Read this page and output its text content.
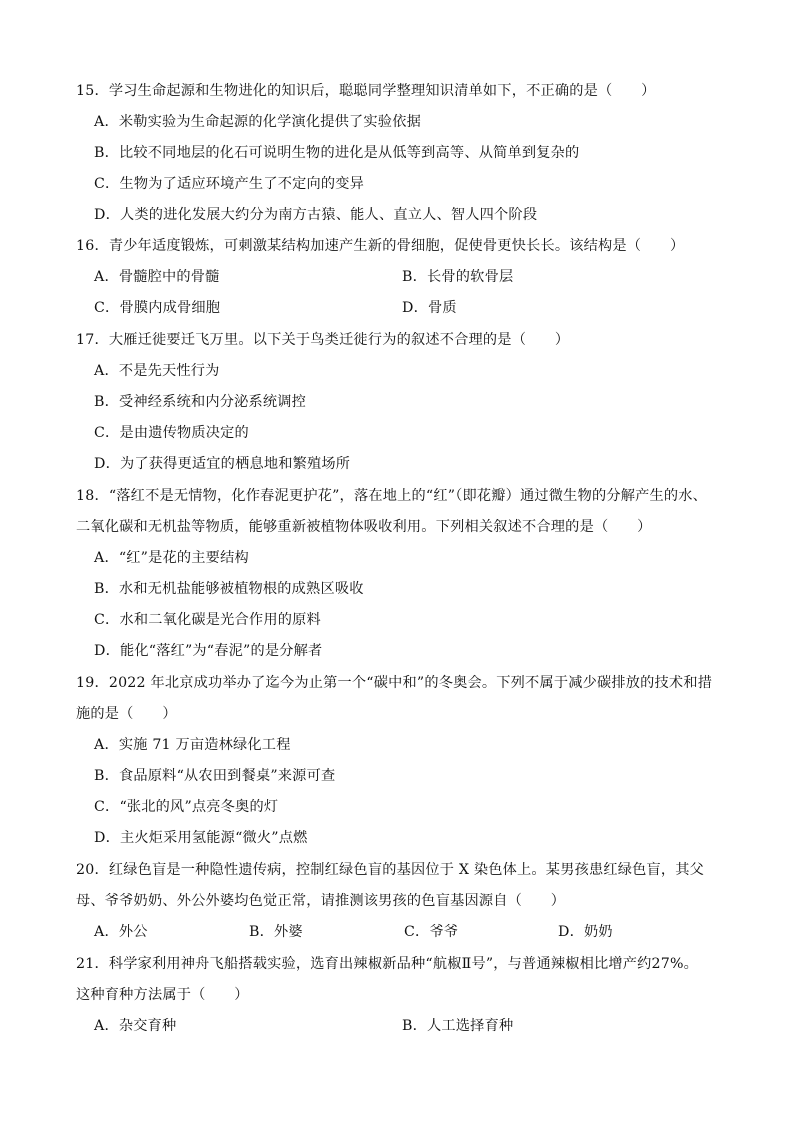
15．学习生命起源和生物进化的知识后，聪聪同学整理知识清单如下，不正确的是（　　）
A．米勒实验为生命起源的化学演化提供了实验依据
B．比较不同地层的化石可说明生物的进化是从低等到高等、从简单到复杂的
C．生物为了适应环境产生了不定向的变异
D．人类的进化发展大约分为南方古猿、能人、直立人、智人四个阶段
16．青少年适度锻炼，可刺激某结构加速产生新的骨细胞，促使骨更快长长。该结构是（　　）
A．骨髓腔中的骨髓	B．长骨的软骨层
C．骨膜内成骨细胞	D．骨质
17．大雁迁徙要迁飞万里。以下关于鸟类迁徙行为的叙述不合理的是（　　）
A．不是先天性行为
B．受神经系统和内分泌系统调控
C．是由遗传物质决定的
D．为了获得更适宜的栖息地和繁殖场所
18．“落红不是无情物，化作春泥更护花”，落在地上的“红”（即花瓣）通过微生物的分解产生的水、
二氧化碳和无机盐等物质，能够重新被植物体吸收利用。下列相关叙述不合理的是（　　）
A．“红”是花的主要结构
B．水和无机盐能够被植物根的成熟区吸收
C．水和二氧化碳是光合作用的原料
D．能化“落红”为“春泥”的是分解者
19．2022 年北京成功举办了迄今为止第一个“碳中和”的冬奥会。下列不属于减少碳排放的技术和措
施的是（　　）
A．实施 71 万亩造林绿化工程
B．食品原料“从农田到餐桌”来源可查
C．“张北的风”点亮冬奥的灯
D．主火炬采用氢能源“微火”点燃
20．红绿色盲是一种隐性遗传病，控制红绿色盲的基因位于 X 染色体上。某男孩患红绿色盲，其父
母、爷爷奶奶、外公外婆均色觉正常，请推测该男孩的色盲基因源自（　　）
A．外公	B．外婆	C．爷爷	D．奶奶
21．科学家利用神舟飞船搭载实验，选育出辣椒新品种“航椒Ⅱ号”，与普通辣椒相比增产约27%。
这种育种方法属于（　　）
A．杂交育种	B．人工选择育种
